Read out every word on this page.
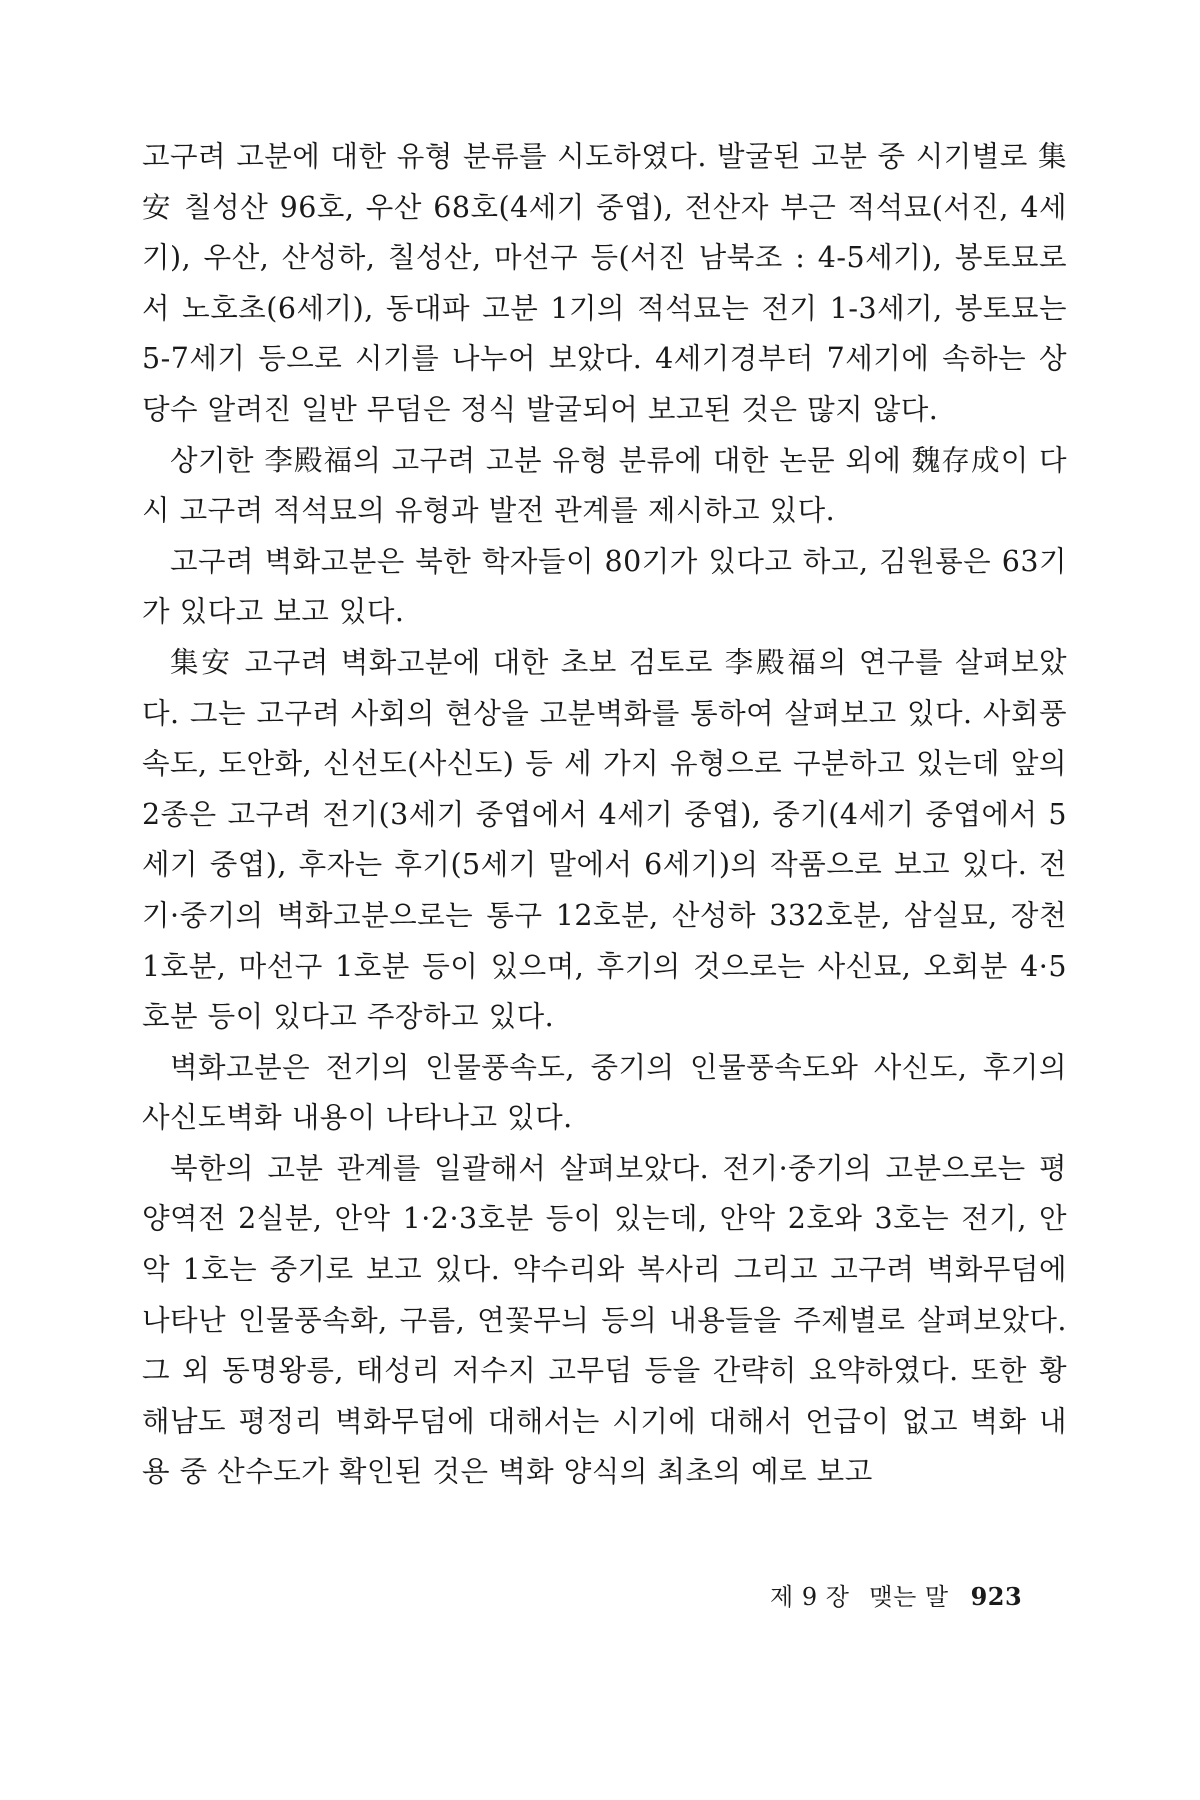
고구려 고분에 대한 유형 분류를 시도하였다. 발굴된 고분 중 시기별로 集安 칠성산 96호, 우산 68호(4세기 중엽), 전산자 부근 적석묘(서진, 4세기), 우산, 산성하, 칠성산, 마선구 등(서진 남북조 : 4-5세기), 봉토묘로서 노호초(6세기), 동대파 고분 1기의 적석묘는 전기 1-3세기, 봉토묘는 5-7세기 등으로 시기를 나누어 보았다. 4세기경부터 7세기에 속하는 상당수 알려진 일반 무덤은 정식 발굴되어 보고된 것은 많지 않다.

상기한 李殿福의 고구려 고분 유형 분류에 대한 논문 외에 魏存成이 다시 고구려 적석묘의 유형과 발전 관계를 제시하고 있다.

고구려 벽화고분은 북한 학자들이 80기가 있다고 하고, 김원룡은 63기가 있다고 보고 있다.

集安 고구려 벽화고분에 대한 초보 검토로 李殿福의 연구를 살펴보았다. 그는 고구려 사회의 현상을 고분벽화를 통하여 살펴보고 있다. 사회풍속도, 도안화, 신선도(사신도) 등 세 가지 유형으로 구분하고 있는데 앞의 2종은 고구려 전기(3세기 중엽에서 4세기 중엽), 중기(4세기 중엽에서 5세기 중엽), 후자는 후기(5세기 말에서 6세기)의 작품으로 보고 있다. 전기·중기의 벽화고분으로는 통구 12호분, 산성하 332호분, 삼실묘, 장천 1호분, 마선구 1호분 등이 있으며, 후기의 것으로는 사신묘, 오회분 4·5호분 등이 있다고 주장하고 있다.

벽화고분은 전기의 인물풍속도, 중기의 인물풍속도와 사신도, 후기의 사신도벽화 내용이 나타나고 있다.

북한의 고분 관계를 일괄해서 살펴보았다. 전기·중기의 고분으로는 평양역전 2실분, 안악 1·2·3호분 등이 있는데, 안악 2호와 3호는 전기, 안악 1호는 중기로 보고 있다. 약수리와 복사리 그리고 고구려 벽화무덤에 나타난 인물풍속화, 구름, 연꽃무늬 등의 내용들을 주제별로 살펴보았다. 그 외 동명왕릉, 태성리 저수지 고무덤 등을 간략히 요약하였다. 또한 황해남도 평정리 벽화무덤에 대해서는 시기에 대해서 언급이 없고 벽화 내용 중 산수도가 확인된 것은 벽화 양식의 최초의 예로 보고

제 9 장 맺는 말 923
